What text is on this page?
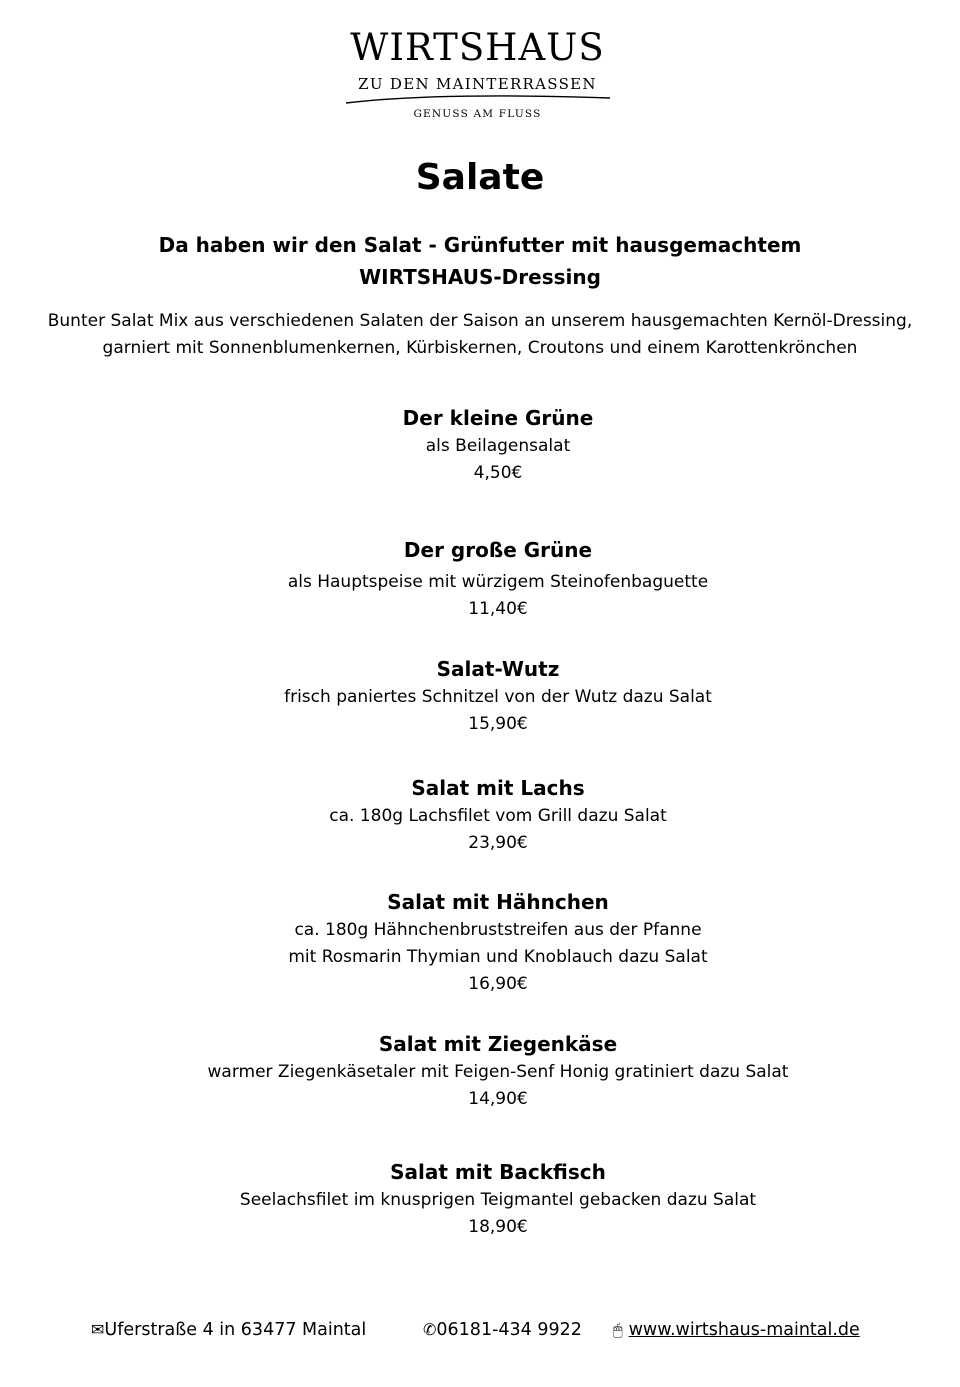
WIRTSHAUS
ZU DEN MAINTERRASSEN
GENUSS AM FLUSS
Salate
Da haben wir den Salat - Grünfutter mit hausgemachtem
WIRTSHAUS-Dressing
Bunter Salat Mix aus verschiedenen Salaten der Saison an unserem hausgemachten Kernöl-Dressing,
garniert mit Sonnenblumenkernen, Kürbiskernen, Croutons und einem Karottenkrönchen
Der kleine Grüne
als Beilagensalat
4,50€
Der große Grüne
als Hauptspeise mit würzigem Steinofenbaguette
11,40€
Salat-Wutz
frisch paniertes Schnitzel von der Wutz dazu Salat
15,90€
Salat mit Lachs
ca. 180g Lachsfilet vom Grill dazu Salat
23,90€
Salat mit Hähnchen
ca. 180g Hähnchenbruststreifen aus der Pfanne
mit Rosmarin Thymian und Knoblauch dazu Salat
16,90€
Salat mit Ziegenkäse
warmer Ziegenkäsetaler mit Feigen-Senf Honig gratiniert dazu Salat
14,90€
Salat mit Backfisch
Seelachsfilet im knusprigen Teigmantel gebacken dazu Salat
18,90€
✉Uferstraße 4 in 63477 Maintal	✆06181-434 9922 🖱 www.wirtshaus-maintal.de
